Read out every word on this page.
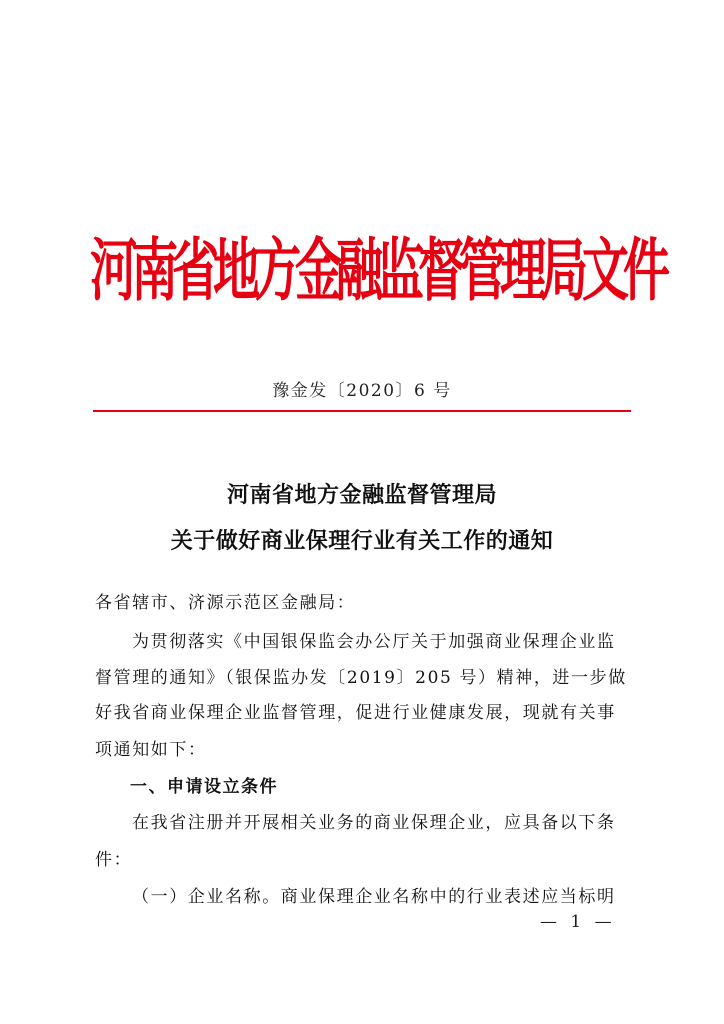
河南省地方金融监督管理局文件
豫金发〔2020〕6 号
河南省地方金融监督管理局
关于做好商业保理行业有关工作的通知
各省辖市、济源示范区金融局：
为贯彻落实《中国银保监会办公厅关于加强商业保理企业监
督管理的通知》（银保监办发〔2019〕205 号）精神，进一步做
好我省商业保理企业监督管理，促进行业健康发展，现就有关事
项通知如下：
一、申请设立条件
在我省注册并开展相关业务的商业保理企业，应具备以下条
件：
（一）企业名称。商业保理企业名称中的行业表述应当标明
— 1 —
